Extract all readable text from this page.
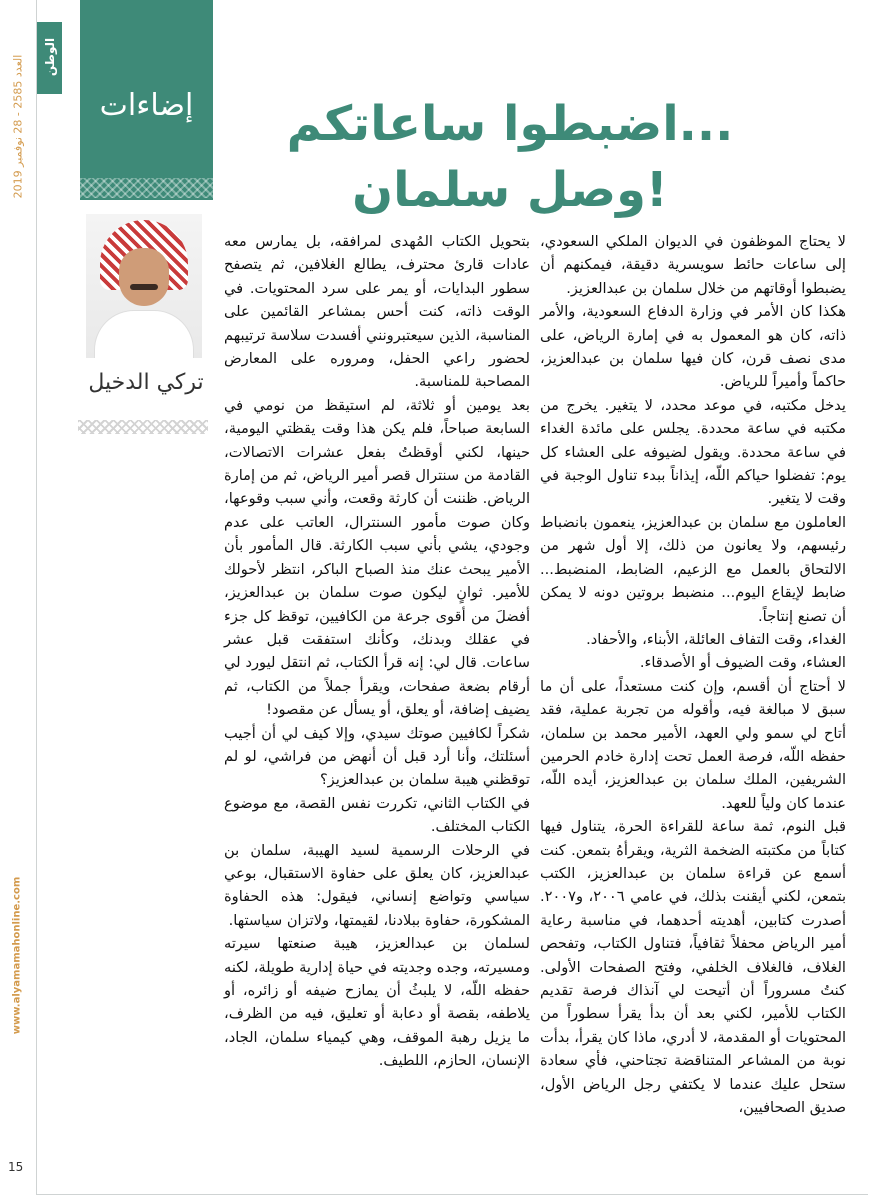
الوطن
العدد 2585 - 28 نوفمبر 2019
www.alyamamahonline.com
15
إضاءات	اضبطوا ساعاتكم...
وصل سلمان!
تركي الدخيل

لا يحتاج الموظفون في الديوان الملكي السعودي، إلى ساعات حائط سويسرية دقيقة، فيمكنهم أن يضبطوا أوقاتهم من خلال سلمان بن عبدالعزيز.

هكذا كان الأمر في وزارة الدفاع السعودية، والأمر ذاته، كان هو المعمول به في إمارة الرياض، على مدى نصف قرن، كان فيها سلمان بن عبدالعزيز، حاكماً وأميراً للرياض.

يدخل مكتبه، في موعد محدد، لا يتغير. يخرج من مكتبه في ساعة محددة. يجلس على مائدة الغداء في ساعة محددة. ويقول لضيوفه على العشاء كل يوم: تفضلوا حياكم اللّه، إيذاناً ببدء تناول الوجبة في وقت لا يتغير.

العاملون مع سلمان بن عبدالعزيز، ينعمون بانضباط رئيسهم، ولا يعانون من ذلك، إلا أول شهر من الالتحاق بالعمل مع الزعيم، الضابط، المنضبط... ضابط لإيقاع اليوم... منضبط بروتين دونه لا يمكن أن تصنع إنتاجاً.

الغداء، وقت التفاف العائلة، الأبناء، والأحفاد.

العشاء، وقت الضيوف أو الأصدقاء.

لا أحتاج أن أقسم، وإن كنت مستعداً، على أن ما سبق لا مبالغة فيه، وأقوله من تجربة عملية، فقد أتاح لي سمو ولي العهد، الأمير محمد بن سلمان، حفظه اللّه، فرصة العمل تحت إدارة خادم الحرمين الشريفين، الملك سلمان بن عبدالعزيز، أيده اللّه، عندما كان ولياً للعهد.

قبل النوم، ثمة ساعة للقراءة الحرة، يتناول فيها كتاباً من مكتبته الضخمة الثرية، ويقرأهُ بتمعن. كنت أسمع عن قراءة سلمان بن عبدالعزيز، الكتب بتمعن، لكني أيقنت بذلك، في عامي ٢٠٠٦، و٢٠٠٧. أصدرت كتابين، أهديته أحدهما، في مناسبة رعاية أمير الرياض محفلاً ثقافياً، فتناول الكتاب، وتفحص الغلاف، فالغلاف الخلفي، وفتح الصفحات الأولى. كنتُ مسروراً أن أتيحت لي آنذاك فرصة تقديم الكتاب للأمير، لكني بعد أن بدأ يقرأ سطوراً من المحتويات أو المقدمة، لا أدري، ماذا كان يقرأ، بدأت نوبة من المشاعر المتناقضة تجتاحني، فأي سعادة ستحل عليك عندما لا يكتفي رجل الرياض الأول، صديق الصحافيين،

بتحويل الكتاب المُهدى لمرافقه، بل يمارس معه عادات قارئ محترف، يطالع الغلافين، ثم يتصفح سطور البدايات، أو يمر على سرد المحتويات. في الوقت ذاته، كنت أحس بمشاعر القائمين على المناسبة، الذين سيعتبرونني أفسدت سلاسة ترتيبهم لحضور راعي الحفل، ومروره على المعارض المصاحبة للمناسبة.

بعد يومين أو ثلاثة، لم استيقظ من نومي في السابعة صباحاً، فلم يكن هذا وقت يقظتي اليومية، حينها، لكني أوقظتُ بفعل عشرات الاتصالات، القادمة من سنترال قصر أمير الرياض، ثم من إمارة الرياض. ظننت أن كارثة وقعت، وأني سبب وقوعها، وكان صوت مأمور السنترال، العاتب على عدم وجودي، يشي بأني سبب الكارثة. قال المأمور بأن الأمير يبحث عنك منذ الصباح الباكر، انتظر لأحولك للأمير. ثوانٍ ليكون صوت سلمان بن عبدالعزيز، أفضلَ من أقوى جرعة من الكافيين، توقظ كل جزء في عقلك وبدنك، وكأنك استفقت قبل عشر ساعات. قال لي: إنه قرأ الكتاب، ثم انتقل ليورد لي أرقام بضعة صفحات، ويقرأ جملاً من الكتاب، ثم يضيف إضافة، أو يعلق، أو يسأل عن مقصود!

شكراً لكافيين صوتك سيدي، وإلا كيف لي أن أجيب أسئلتك، وأنا أرد قبل أن أنهض من فراشي، لو لم توقظني هيبة سلمان بن عبدالعزيز؟

في الكتاب الثاني، تكررت نفس القصة، مع موضوع الكتاب المختلف.

في الرحلات الرسمية لسيد الهيبة، سلمان بن عبدالعزيز، كان يعلق على حفاوة الاستقبال، بوعي سياسي وتواضع إنساني، فيقول: هذه الحفاوة المشكورة، حفاوة ببلادنا، لقيمتها، ولاتزان سياستها.

لسلمان بن عبدالعزيز، هيبة صنعتها سيرته ومسيرته، وجده وجديته في حياة إدارية طويلة، لكنه حفظه اللّه، لا يلبثُ أن يمازح ضيفه أو زائره، أو يلاطفه، بقصة أو دعابة أو تعليق، فيه من الظرف، ما يزيل رهبة الموقف، وهي كيمياء سلمان، الجاد، الإنسان، الحازم، اللطيف.
